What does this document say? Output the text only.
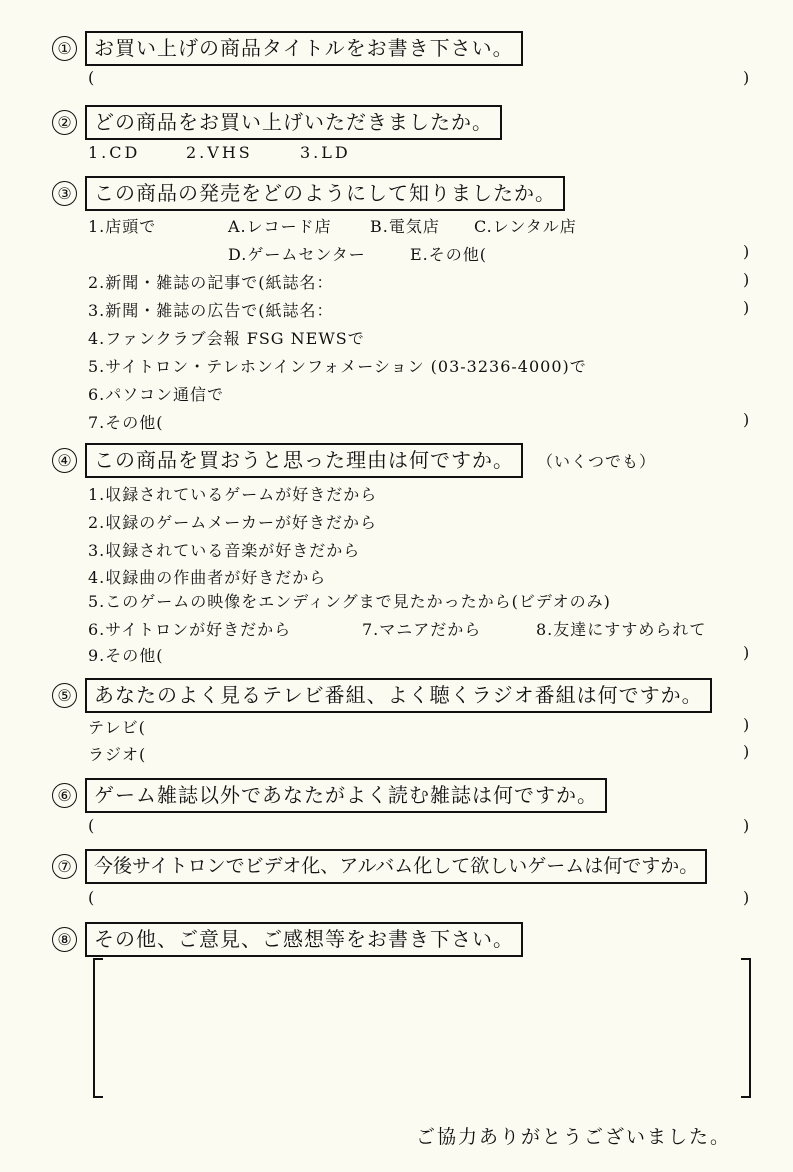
①	お買い上げの商品タイトルをお書き下さい。
(	)
②	どの商品をお買い上げいただきましたか。
1.CD	2.VHS	3.LD
③	この商品の発売をどのようにして知りましたか。
1.店頭で	A.レコード店 B.電気店 C.レンタル店
D.ゲームセンター	E.その他(	)
2.新聞・雑誌の記事で(紙誌名：	)
3.新聞・雑誌の広告で(紙誌名：	)
4.ファンクラブ会報 FSG NEWSで
5.サイトロン・テレホンインフォメーション (03-3236-4000)で
6.パソコン通信で
7.その他(	)
④	この商品を買おうと思った理由は何ですか。	（いくつでも）
1.収録されているゲームが好きだから
2.収録のゲームメーカーが好きだから
3.収録されている音楽が好きだから
4.収録曲の作曲者が好きだから
5.このゲームの映像をエンディングまで見たかったから(ビデオのみ)
6.サイトロンが好きだから	7.マニアだから	8.友達にすすめられて
9.その他(	)
⑤	あなたのよく見るテレビ番組、よく聴くラジオ番組は何ですか。
テレビ(	)
ラジオ(	)
⑥	ゲーム雑誌以外であなたがよく読む雑誌は何ですか。
(	)
⑦	今後サイトロンでビデオ化、アルバム化して欲しいゲームは何ですか。
(	)
⑧	その他、ご意見、ご感想等をお書き下さい。
ご協力ありがとうございました。
